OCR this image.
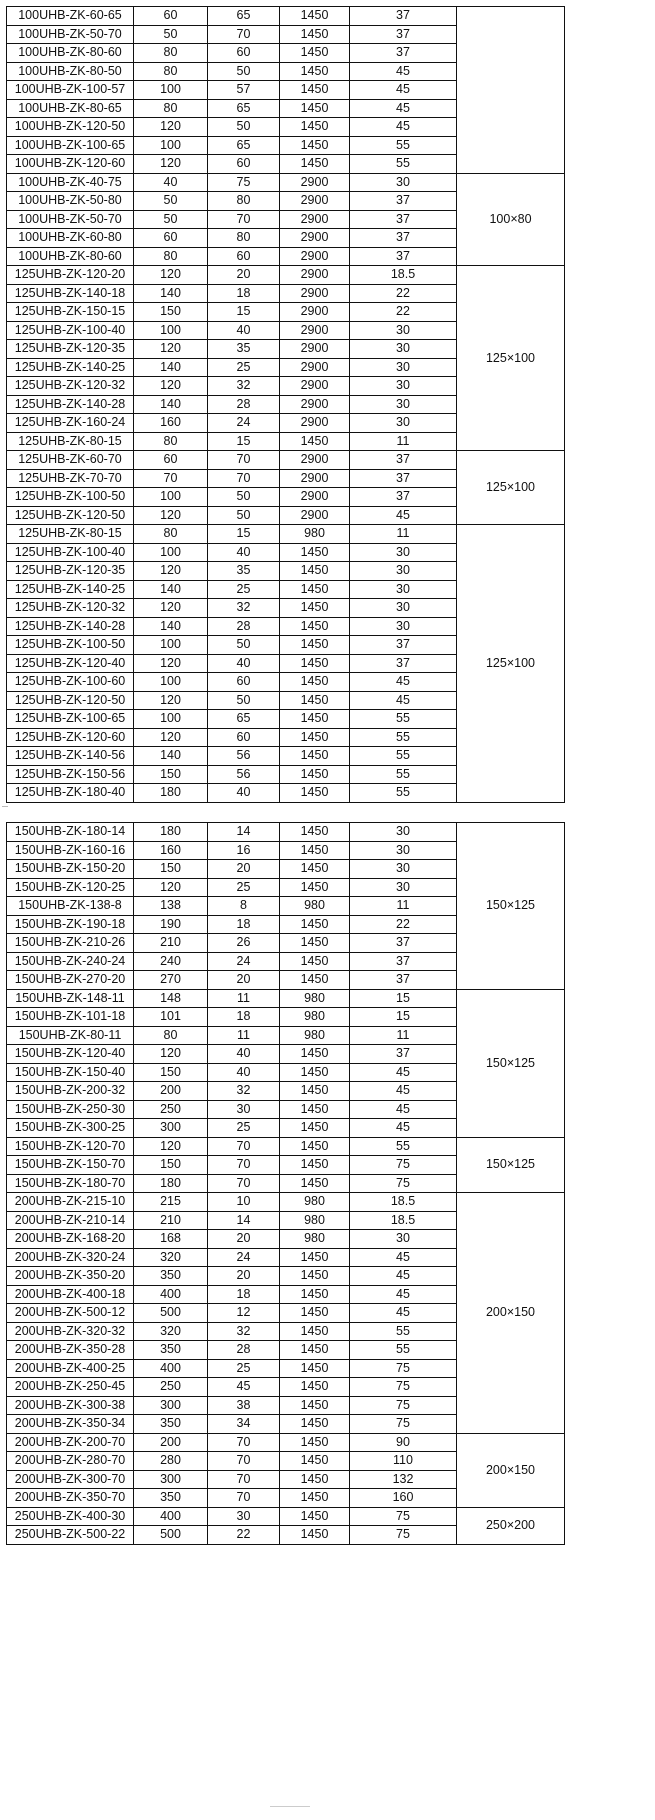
100UHB-ZK-60-65	60	65	1450	37	
100UHB-ZK-50-70	50	70	1450	37	
100UHB-ZK-80-60	80	60	1450	37	
100UHB-ZK-80-50	80	50	1450	45	
100UHB-ZK-100-57	100	57	1450	45	
100UHB-ZK-80-65	80	65	1450	45	
100UHB-ZK-120-50	120	50	1450	45	
100UHB-ZK-100-65	100	65	1450	55	
100UHB-ZK-120-60	120	60	1450	55	
100UHB-ZK-40-75	40	75	2900	30	100×80
100UHB-ZK-50-80	50	80	2900	37	
100UHB-ZK-50-70	50	70	2900	37	
100UHB-ZK-60-80	60	80	2900	37	
100UHB-ZK-80-60	80	60	2900	37	
125UHB-ZK-120-20	120	20	2900	18.5	125×100
125UHB-ZK-140-18	140	18	2900	22	
125UHB-ZK-150-15	150	15	2900	22	
125UHB-ZK-100-40	100	40	2900	30	
125UHB-ZK-120-35	120	35	2900	30	
125UHB-ZK-140-25	140	25	2900	30	
125UHB-ZK-120-32	120	32	2900	30	
125UHB-ZK-140-28	140	28	2900	30	
125UHB-ZK-160-24	160	24	2900	30	
125UHB-ZK-80-15	80	15	1450	11	
125UHB-ZK-60-70	60	70	2900	37	125×100
125UHB-ZK-70-70	70	70	2900	37	
125UHB-ZK-100-50	100	50	2900	37	
125UHB-ZK-120-50	120	50	2900	45	
125UHB-ZK-80-15	80	15	980	11	125×100
125UHB-ZK-100-40	100	40	1450	30	
125UHB-ZK-120-35	120	35	1450	30	
125UHB-ZK-140-25	140	25	1450	30	
125UHB-ZK-120-32	120	32	1450	30	
125UHB-ZK-140-28	140	28	1450	30	
125UHB-ZK-100-50	100	50	1450	37	
125UHB-ZK-120-40	120	40	1450	37	
125UHB-ZK-100-60	100	60	1450	45	
125UHB-ZK-120-50	120	50	1450	45	
125UHB-ZK-100-65	100	65	1450	55	
125UHB-ZK-120-60	120	60	1450	55	
125UHB-ZK-140-56	140	56	1450	55	
125UHB-ZK-150-56	150	56	1450	55	
125UHB-ZK-180-40	180	40	1450	55	
150UHB-ZK-180-14	180	14	1450	30	150×125
150UHB-ZK-160-16	160	16	1450	30	
150UHB-ZK-150-20	150	20	1450	30	
150UHB-ZK-120-25	120	25	1450	30	
150UHB-ZK-138-8	138	8	980	11	
150UHB-ZK-190-18	190	18	1450	22	
150UHB-ZK-210-26	210	26	1450	37	
150UHB-ZK-240-24	240	24	1450	37	
150UHB-ZK-270-20	270	20	1450	37	
150UHB-ZK-148-11	148	11	980	15	150×125
150UHB-ZK-101-18	101	18	980	15	
150UHB-ZK-80-11	80	11	980	11	
150UHB-ZK-120-40	120	40	1450	37	
150UHB-ZK-150-40	150	40	1450	45	
150UHB-ZK-200-32	200	32	1450	45	
150UHB-ZK-250-30	250	30	1450	45	
150UHB-ZK-300-25	300	25	1450	45	
150UHB-ZK-120-70	120	70	1450	55	150×125
150UHB-ZK-150-70	150	70	1450	75	
150UHB-ZK-180-70	180	70	1450	75	
200UHB-ZK-215-10	215	10	980	18.5	200×150
200UHB-ZK-210-14	210	14	980	18.5	
200UHB-ZK-168-20	168	20	980	30	
200UHB-ZK-320-24	320	24	1450	45	
200UHB-ZK-350-20	350	20	1450	45	
200UHB-ZK-400-18	400	18	1450	45	
200UHB-ZK-500-12	500	12	1450	45	
200UHB-ZK-320-32	320	32	1450	55	
200UHB-ZK-350-28	350	28	1450	55	
200UHB-ZK-400-25	400	25	1450	75	
200UHB-ZK-250-45	250	45	1450	75	
200UHB-ZK-300-38	300	38	1450	75	
200UHB-ZK-350-34	350	34	1450	75	
200UHB-ZK-200-70	200	70	1450	90	200×150
200UHB-ZK-280-70	280	70	1450	110	
200UHB-ZK-300-70	300	70	1450	132	
200UHB-ZK-350-70	350	70	1450	160	
250UHB-ZK-400-30	400	30	1450	75	250×200
250UHB-ZK-500-22	500	22	1450	75	
